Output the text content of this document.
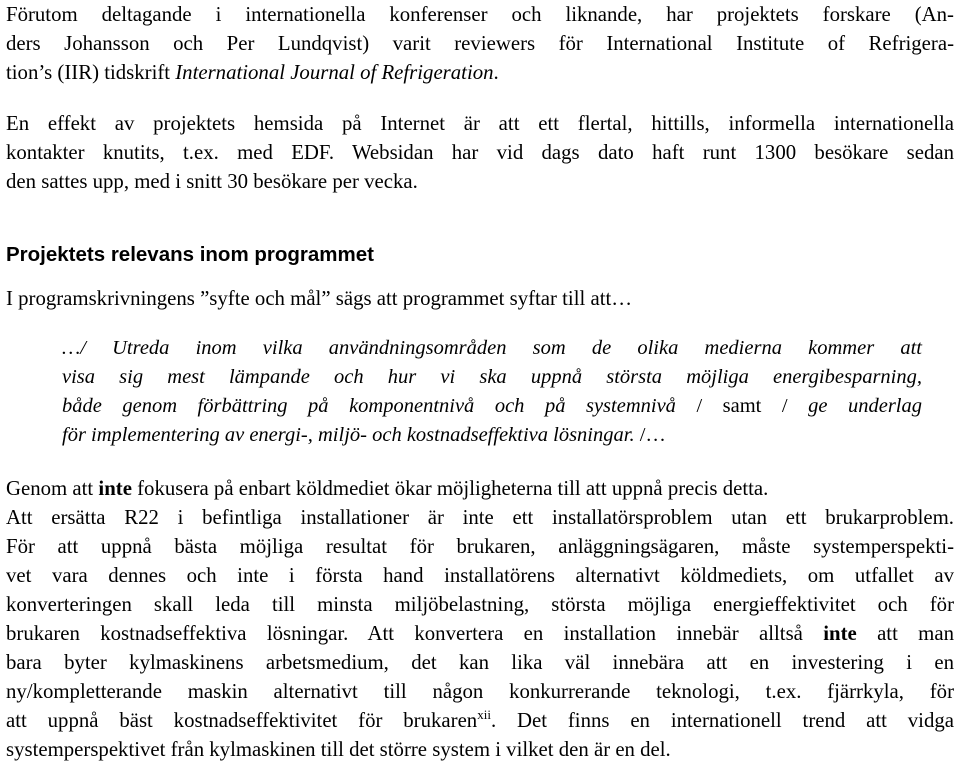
Förutom deltagande i internationella konferenser och liknande, har projektets forskare (An-
ders Johansson och Per Lundqvist) varit reviewers för International Institute of Refrigera-
tion’s (IIR) tidskrift International Journal of Refrigeration.
En effekt av projektets hemsida på Internet är att ett flertal, hittills, informella internationella
kontakter knutits, t.ex. med EDF. Websidan har vid dags dato haft runt 1300 besökare sedan
den sattes upp, med i snitt 30 besökare per vecka.
Projektets relevans inom programmet
I programskrivningens ”syfte och mål” sägs att programmet syftar till att…
…/ Utreda inom vilka användningsområden som de olika medierna kommer att
visa sig mest lämpande och hur vi ska uppnå största möjliga energibesparning,
både genom förbättring på komponentnivå och på systemnivå / samt / ge underlag
för implementering av energi-, miljö- och kostnadseffektiva lösningar. /…
Genom att inte fokusera på enbart köldmediet ökar möjligheterna till att uppnå precis detta.
Att ersätta R22 i befintliga installationer är inte ett installatörsproblem utan ett brukarproblem.
För att uppnå bästa möjliga resultat för brukaren, anläggningsägaren, måste systemperspekti-
vet vara dennes och inte i första hand installatörens alternativt köldmediets, om utfallet av
konverteringen skall leda till minsta miljöbelastning, största möjliga energieffektivitet och för
brukaren kostnadseffektiva lösningar. Att konvertera en installation innebär alltså inte att man
bara byter kylmaskinens arbetsmedium, det kan lika väl innebära att en investering i en
ny/kompletterande maskin alternativt till någon konkurrerande teknologi, t.ex. fjärrkyla, för
att uppnå bäst kostnadseffektivitet för brukaren$^{xii}$. Det finns en internationell trend att vidga
systemperspektivet från kylmaskinen till det större system i vilket den är en del.
